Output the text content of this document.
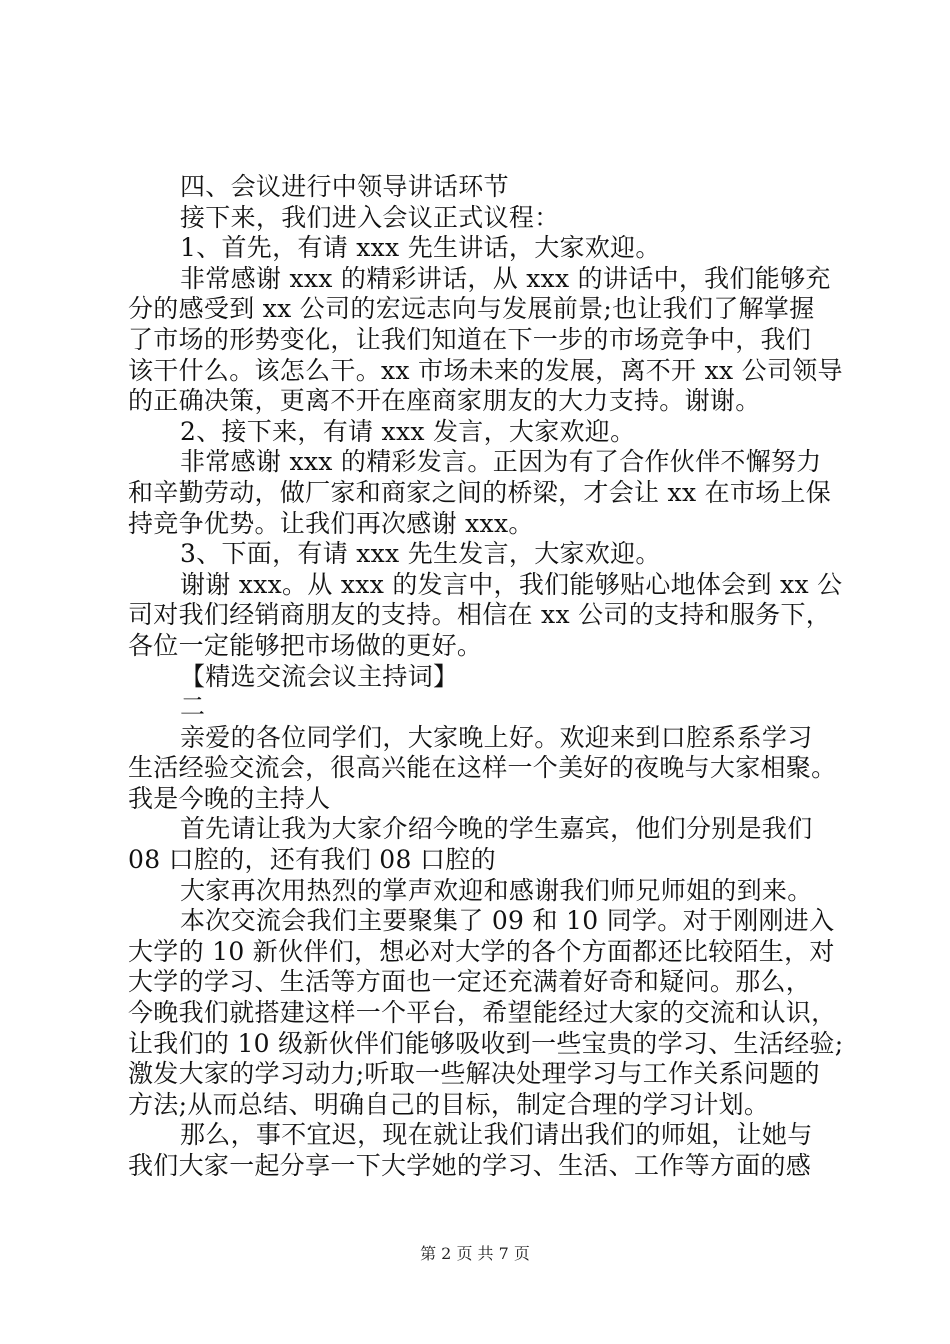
四、会议进行中领导讲话环节
接下来，我们进入会议正式议程：
1、首先，有请 xxx 先生讲话，大家欢迎。
非常感谢 xxx 的精彩讲话，从 xxx 的讲话中，我们能够充
分的感受到 xx 公司的宏远志向与发展前景;也让我们了解掌握
了市场的形势变化，让我们知道在下一步的市场竞争中，我们
该干什么。该怎么干。xx 市场未来的发展，离不开 xx 公司领导
的正确决策，更离不开在座商家朋友的大力支持。谢谢。
2、接下来，有请 xxx 发言，大家欢迎。
非常感谢 xxx 的精彩发言。正因为有了合作伙伴不懈努力
和辛勤劳动，做厂家和商家之间的桥梁，才会让 xx 在市场上保
持竞争优势。让我们再次感谢 xxx。
3、下面，有请 xxx 先生发言，大家欢迎。
谢谢 xxx。从 xxx 的发言中，我们能够贴心地体会到 xx 公
司对我们经销商朋友的支持。相信在 xx 公司的支持和服务下，
各位一定能够把市场做的更好。
【精选交流会议主持词】
二
亲爱的各位同学们，大家晚上好。欢迎来到口腔系系学习
生活经验交流会，很高兴能在这样一个美好的夜晚与大家相聚。
我是今晚的主持人
首先请让我为大家介绍今晚的学生嘉宾，他们分别是我们
08 口腔的，还有我们 08 口腔的
大家再次用热烈的掌声欢迎和感谢我们师兄师姐的到来。
本次交流会我们主要聚集了 09 和 10 同学。对于刚刚进入
大学的 10 新伙伴们，想必对大学的各个方面都还比较陌生，对
大学的学习、生活等方面也一定还充满着好奇和疑问。那么，
今晚我们就搭建这样一个平台，希望能经过大家的交流和认识，
让我们的 10 级新伙伴们能够吸收到一些宝贵的学习、生活经验;
激发大家的学习动力;听取一些解决处理学习与工作关系问题的
方法;从而总结、明确自己的目标，制定合理的学习计划。
那么，事不宜迟，现在就让我们请出我们的师姐，让她与
我们大家一起分享一下大学她的学习、生活、工作等方面的感
第 2 页 共 7 页
